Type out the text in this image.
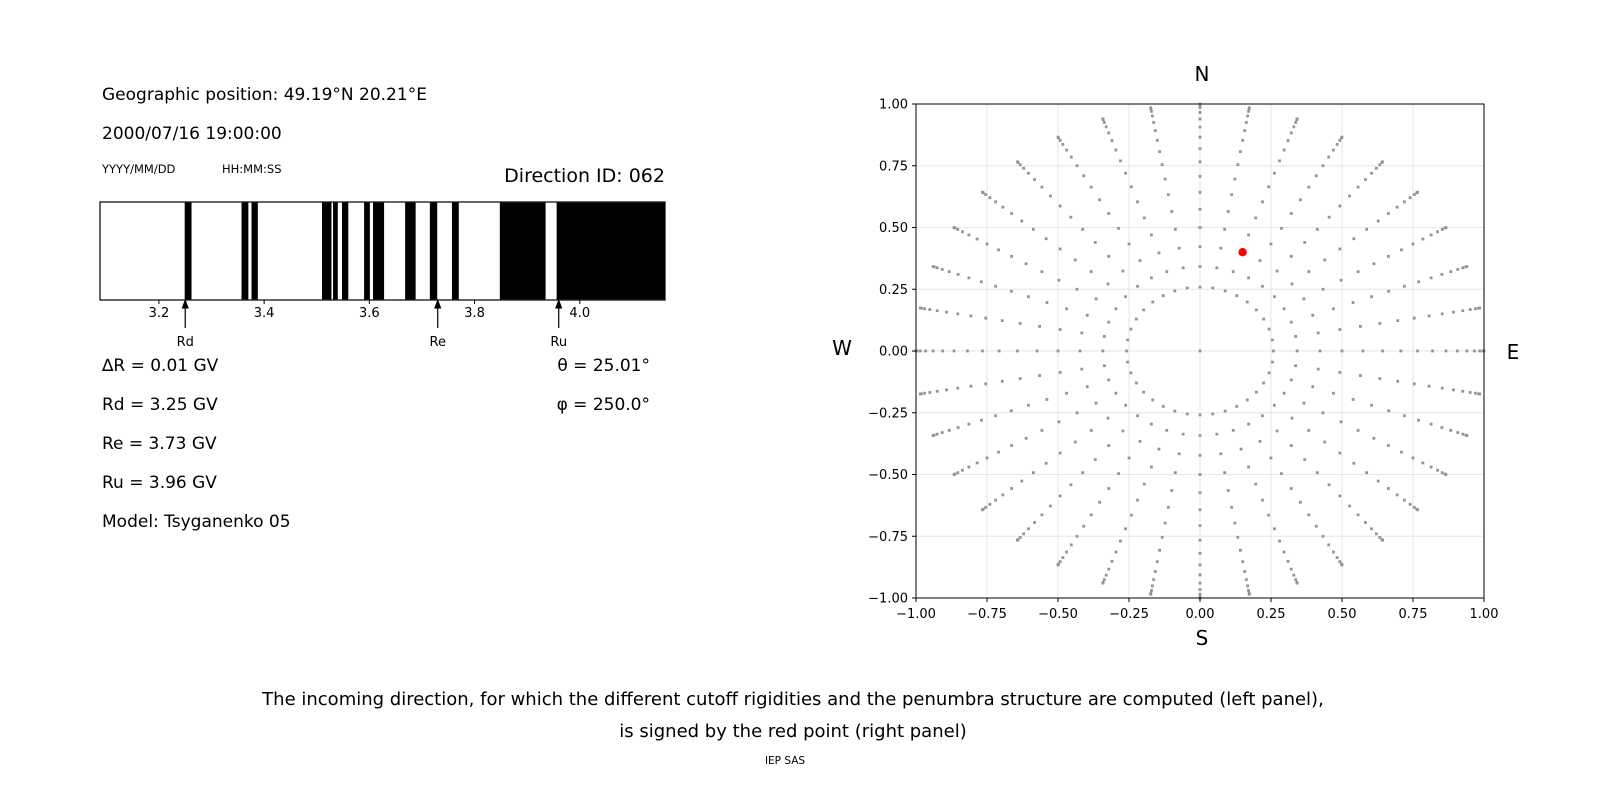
Geographic position: 49.19°N 20.21°E
2000/07/16 19:00:00
YYYY/MM/DD	HH:MM:SS	Direction ID: 062
3.2	3.4	3.6	3.8	4.0
Rd	Re	Ru
∆R = 0.01 GV
Rd = 3.25 GV
Re = 3.73 GV
Ru = 3.96 GV
Model: Tsyganenko 05
θ = 25.01°
φ = 250.0°
−1.00
−1.00
−0.75
−0.75
−0.50
−0.50
−0.25
−0.25
0.00
0.00
0.25
0.25
0.50
0.50
0.75
0.75
1.00
1.00
N
S
W	E
The incoming direction, for which the different cutoff rigidities and the penumbra structure are computed (left panel),
is signed by the red point (right panel)
IEP SAS
